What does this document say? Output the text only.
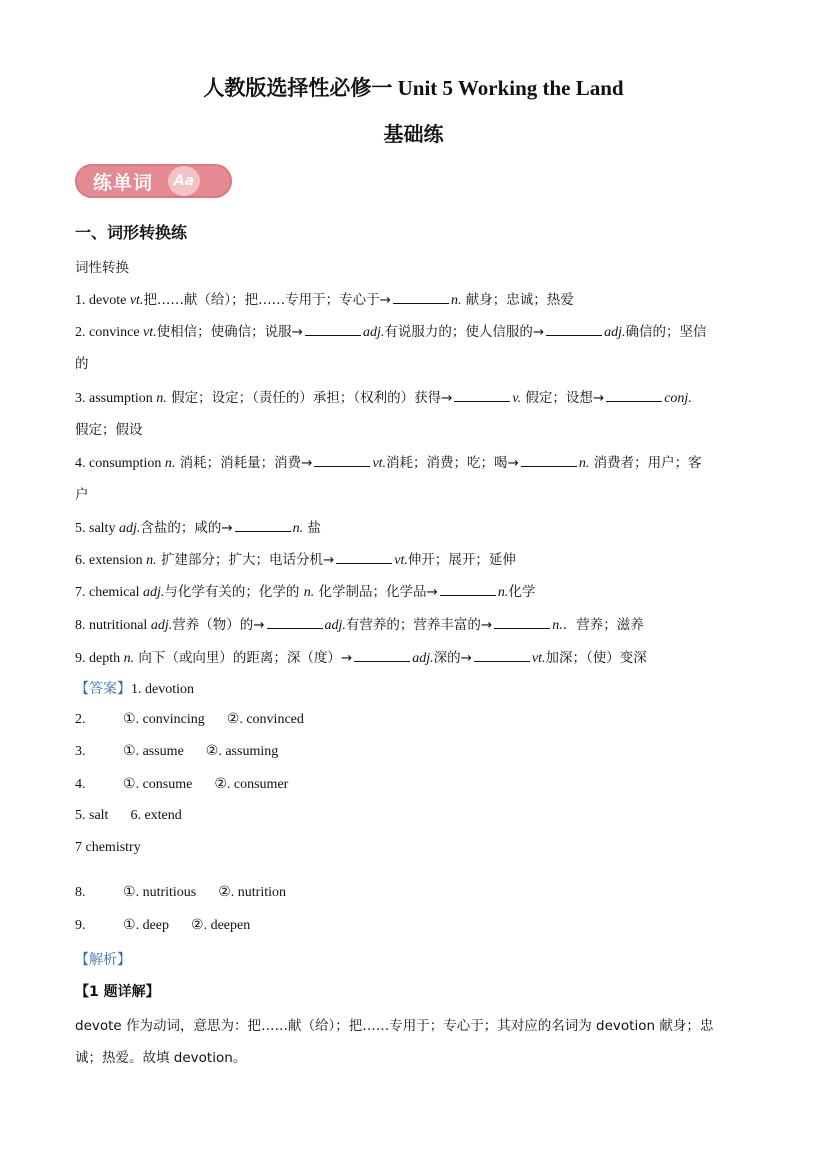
人教版选择性必修一 Unit 5 Working the Land
基础练
练单词 Aa
一、词形转换练
词性转换
1. devote vt.把……献（给）；把……专用于；专心于→	n. 献身；忠诚；热爱
2. convince vt.使相信；使确信；说服→	adj.有说服力的；使人信服的→	adj.确信的；坚信
的
3. assumption n. 假定；设定；（责任的）承担；（权利的）获得→	v. 假定；设想→	conj.
假定；假设
4. consumption n. 消耗；消耗量；消费→	vt.消耗；消费；吃；喝→	n. 消费者；用户；客
户
5. salty adj.含盐的；咸的→	n. 盐
6. extension n. 扩建部分；扩大；电话分机→	vt.伸开；展开；延伸
7. chemical adj.与化学有关的；化学的 n. 化学制品；化学品→	n.化学
8. nutritional adj.营养（物）的→	adj.有营养的；营养丰富的→	n.．营养；滋养
9. depth n. 向下（或向里）的距离；深（度）→	adj.深的→	vt.加深；（使）变深
【答案】1. devotion
2.	①. convincing ②. convinced
3.	①. assume ②. assuming
4.	①. consume ②. consumer
5. salt 6. extend
7 chemistry
8.	①. nutritious ②. nutrition
9.	①. deep ②. deepen
【解析】
【1 题详解】
devote 作为动词，意思为：把……献（给）；把……专用于；专心于；其对应的名词为 devotion 献身；忠
诚；热爱。故填 devotion。
